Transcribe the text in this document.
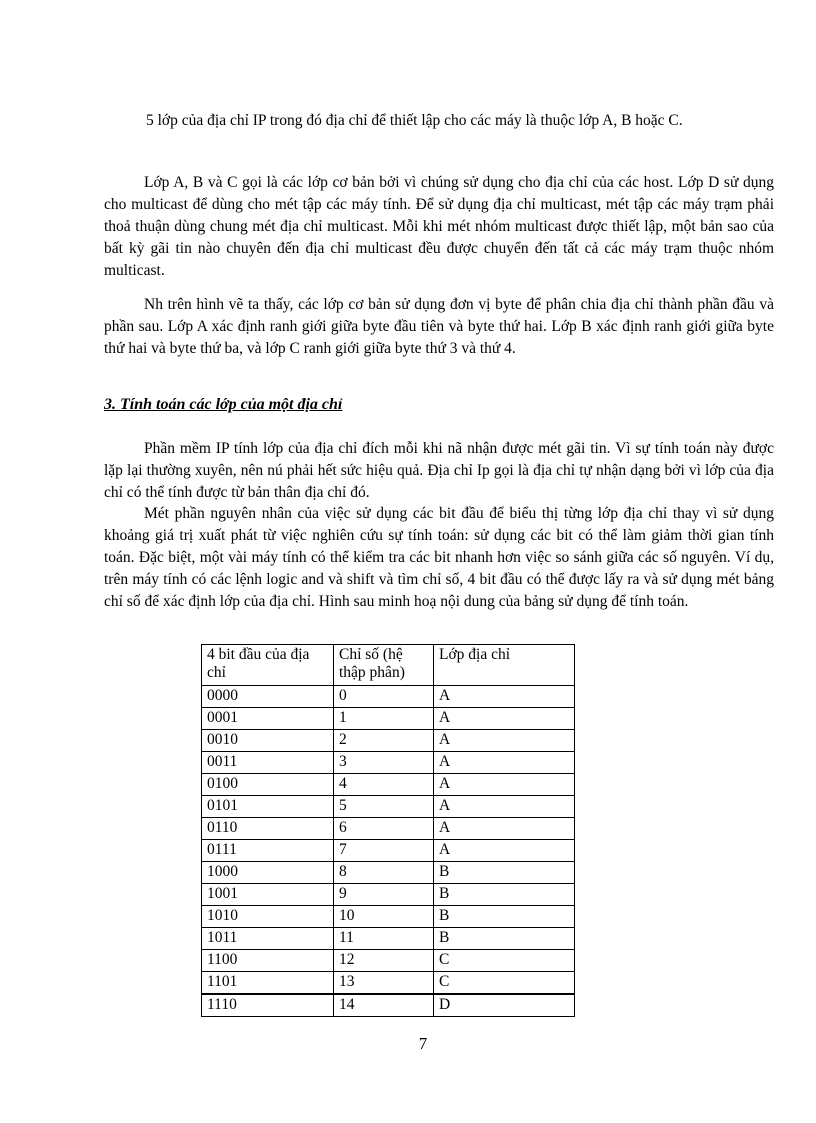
5 lớp của địa chỉ IP trong đó địa chỉ để thiết lập cho các máy là thuộc lớp A, B hoặc C.
Lớp A, B và C gọi là các lớp cơ bản bởi vì chúng sử dụng cho địa chỉ của các host. Lớp D sử dụng cho multicast để dùng cho mét tập các máy tính. Để sử dụng địa chỉ multicast, mét tập các máy trạm phải thoả thuận dùng chung mét địa chỉ multicast. Mỗi khi mét nhóm multicast được thiết lập, một bản sao của bất kỳ gãi tin nào chuyên đến địa chỉ multicast đều được chuyển đến tất cả các máy trạm thuộc nhóm multicast.
Nh trên hình vẽ ta thấy, các lớp cơ bản sử dụng đơn vị byte để phân chia địa chỉ thành phần đầu và phần sau. Lớp A xác định ranh giới giữa byte đầu tiên và byte thứ hai. Lớp B xác định ranh giới giữa byte thứ hai và byte thứ ba, và lớp C ranh giới giữa byte thứ 3 và thứ 4.
3. Tính toán các lớp của một địa chỉ
Phần mềm IP tính lớp của địa chỉ đích mỗi khi nã nhận được mét gãi tin. Vì sự tính toán này được lặp lại thường xuyên, nên nú phải hết sức hiệu quả. Địa chỉ Ip gọi là địa chỉ tự nhận dạng bởi vì lớp của địa chỉ có thể tính được từ bản thân địa chỉ đó.
Mét phần nguyên nhân của việc sử dụng các bit đầu để biểu thị từng lớp địa chỉ thay vì sử dụng khoảng giá trị xuất phát từ việc nghiên cứu sự tính toán: sử dụng các bit có thể làm giảm thời gian tính toán. Đặc biệt, một vài máy tính có thể kiểm tra các bit nhanh hơn việc so sánh giữa các số nguyên. Ví dụ, trên máy tính có các lệnh logic and và shift và tìm chỉ số, 4 bit đầu có thể được lấy ra và sử dụng mét bảng chỉ số để xác định lớp của địa chỉ. Hình sau minh hoạ nội dung của bảng sử dụng để tính toán.
4 bit đầu của địa chỉ	Chỉ số (hệ thập phân)	Lớp địa chỉ
0000	0	A
0001	1	A
0010	2	A
0011	3	A
0100	4	A
0101	5	A
0110	6	A
0111	7	A
1000	8	B
1001	9	B
1010	10	B
1011	11	B
1100	12	C
1101	13	C
1110	14	D
7
